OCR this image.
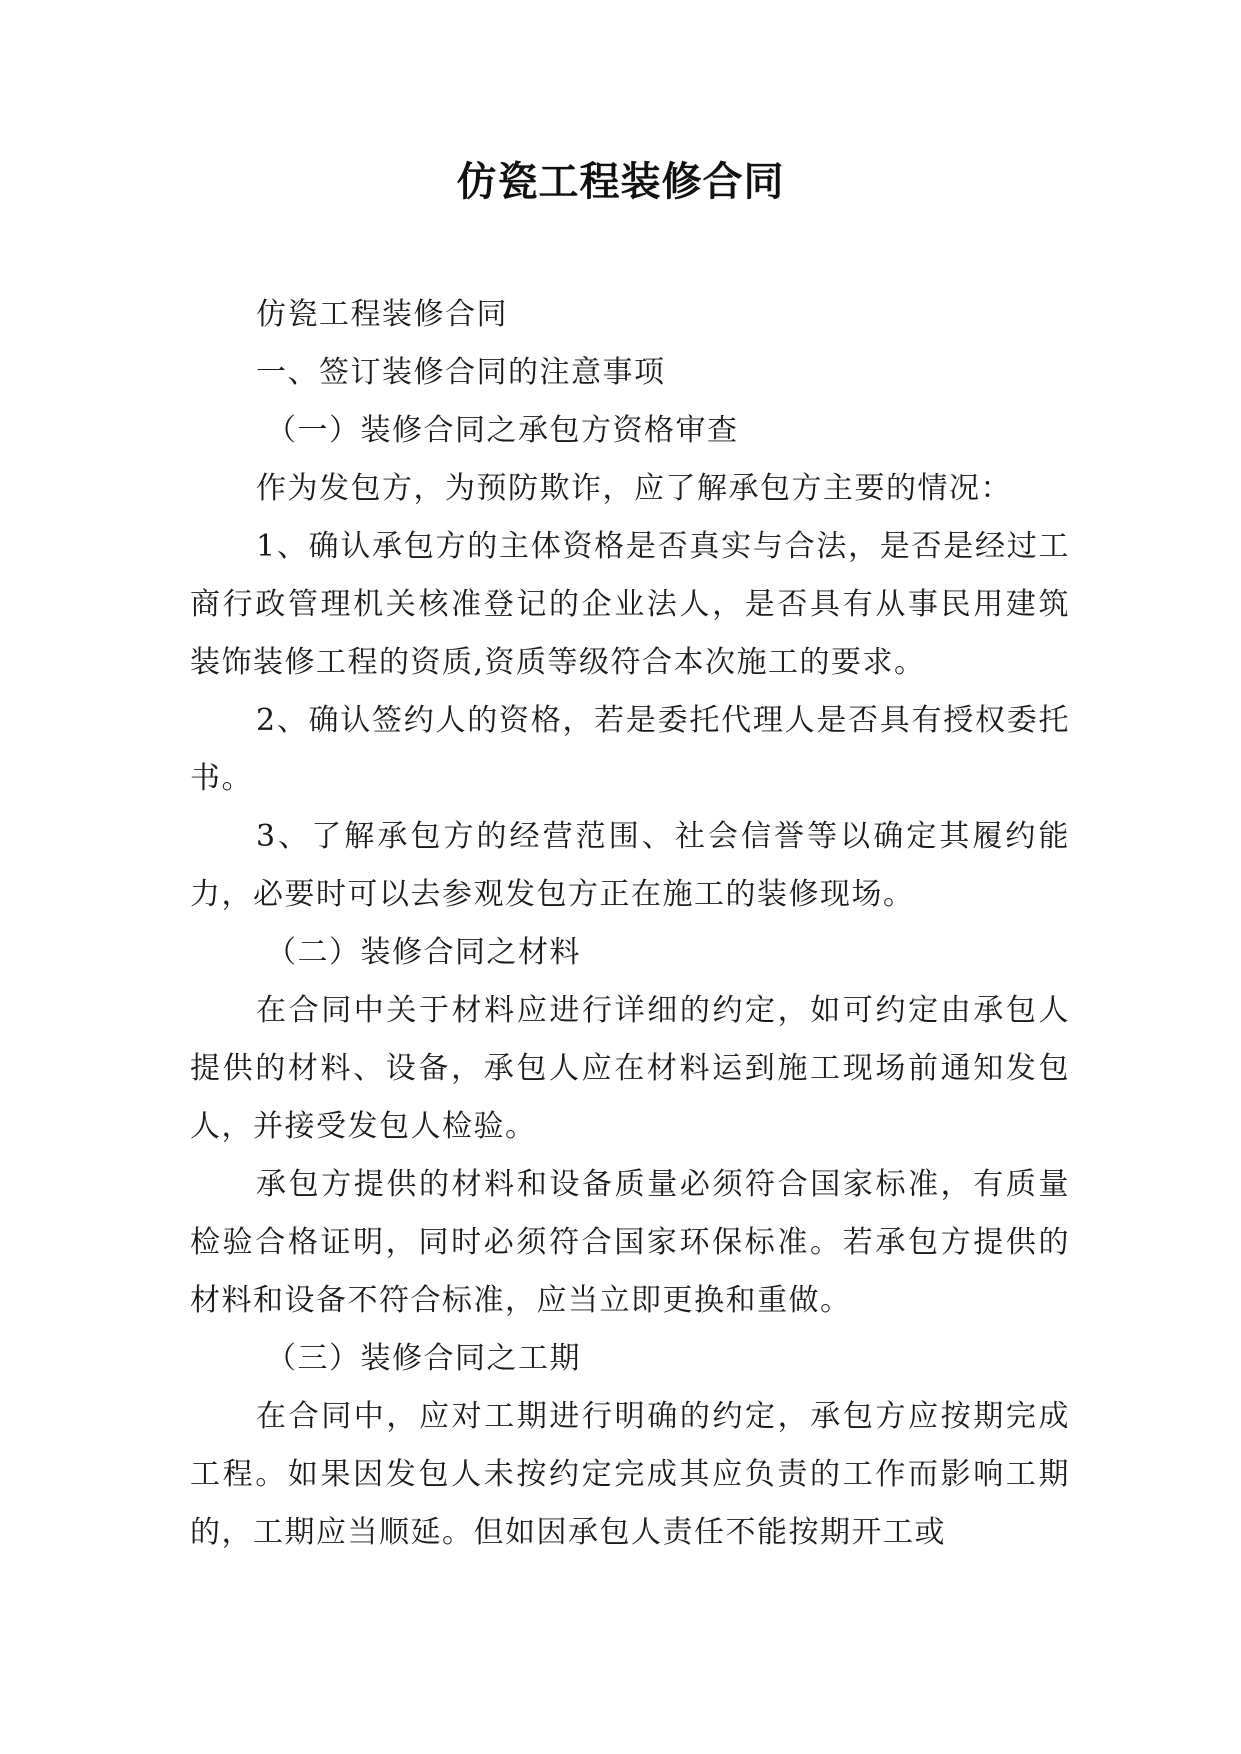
仿瓷工程装修合同

仿瓷工程装修合同

一、签订装修合同的注意事项

（一）装修合同之承包方资格审查

作为发包方，为预防欺诈，应了解承包方主要的情况：

1、确认承包方的主体资格是否真实与合法，是否是经过工商行政管理机关核准登记的企业法人，是否具有从事民用建筑装饰装修工程的资质,资质等级符合本次施工的要求。

2、确认签约人的资格，若是委托代理人是否具有授权委托书。

3、了解承包方的经营范围、社会信誉等以确定其履约能力，必要时可以去参观发包方正在施工的装修现场。

（二）装修合同之材料

在合同中关于材料应进行详细的约定，如可约定由承包人提供的材料、设备，承包人应在材料运到施工现场前通知发包人，并接受发包人检验。

承包方提供的材料和设备质量必须符合国家标准，有质量检验合格证明，同时必须符合国家环保标准。若承包方提供的材料和设备不符合标准，应当立即更换和重做。

（三）装修合同之工期

在合同中，应对工期进行明确的约定，承包方应按期完成工程。如果因发包人未按约定完成其应负责的工作而影响工期的，工期应当顺延。但如因承包人责任不能按期开工或
